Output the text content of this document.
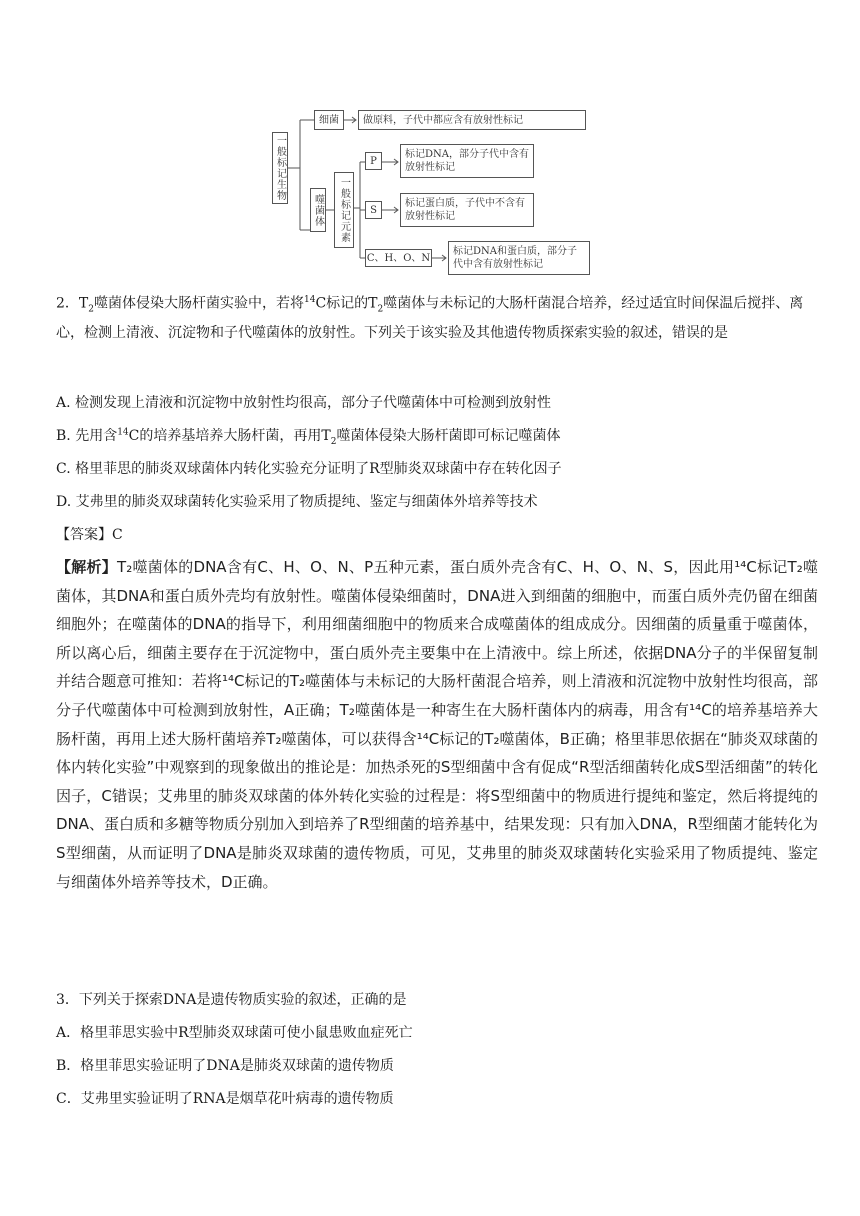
一般标记生物
细菌	做原料，子代中都应含有放射性标记
噬菌体	一般标记元素
P
标记DNA，部分子代中含有放射性标记
S
标记蛋白质，子代中不含有放射性标记
C、H、O、N
标记DNA和蛋白质，部分子代中含有放射性标记
2．$T_2$噬菌体侵染大肠杆菌实验中，若将$^{14}$C标记的$T_2$噬菌体与未标记的大肠杆菌混合培养，经过适宜时间保温后搅拌、离心，检测上清液、沉淀物和子代噬菌体的放射性。下列关于该实验及其他遗传物质探索实验的叙述，错误的是
A. 检测发现上清液和沉淀物中放射性均很高，部分子代噬菌体中可检测到放射性
B. 先用含$^{14}$C的培养基培养大肠杆菌，再用$T_2$噬菌体侵染大肠杆菌即可标记噬菌体
C. 格里菲思的肺炎双球菌体内转化实验充分证明了R型肺炎双球菌中存在转化因子
D. 艾弗里的肺炎双球菌转化实验采用了物质提纯、鉴定与细菌体外培养等技术
【答案】C
【解析】T₂噬菌体的DNA含有C、H、O、N、P五种元素，蛋白质外壳含有C、H、O、N、S，因此用¹⁴C标记T₂噬菌体，其DNA和蛋白质外壳均有放射性。噬菌体侵染细菌时，DNA进入到细菌的细胞中，而蛋白质外壳仍留在细菌细胞外；在噬菌体的DNA的指导下，利用细菌细胞中的物质来合成噬菌体的组成成分。因细菌的质量重于噬菌体，所以离心后，细菌主要存在于沉淀物中，蛋白质外壳主要集中在上清液中。综上所述，依据DNA分子的半保留复制并结合题意可推知：若将¹⁴C标记的T₂噬菌体与未标记的大肠杆菌混合培养，则上清液和沉淀物中放射性均很高，部分子代噬菌体中可检测到放射性，A正确；T₂噬菌体是一种寄生在大肠杆菌体内的病毒，用含有¹⁴C的培养基培养大肠杆菌，再用上述大肠杆菌培养T₂噬菌体，可以获得含¹⁴C标记的T₂噬菌体，B正确；格里菲思依据在“肺炎双球菌的体内转化实验”中观察到的现象做出的推论是：加热杀死的S型细菌中含有促成“R型活细菌转化成S型活细菌”的转化因子，C错误；艾弗里的肺炎双球菌的体外转化实验的过程是：将S型细菌中的物质进行提纯和鉴定，然后将提纯的DNA、蛋白质和多糖等物质分别加入到培养了R型细菌的培养基中，结果发现：只有加入DNA，R型细菌才能转化为S型细菌，从而证明了DNA是肺炎双球菌的遗传物质，可见，艾弗里的肺炎双球菌转化实验采用了物质提纯、鉴定与细菌体外培养等技术，D正确。
3．下列关于探索DNA是遗传物质实验的叙述，正确的是
A．格里菲思实验中R型肺炎双球菌可使小鼠患败血症死亡
B．格里菲思实验证明了DNA是肺炎双球菌的遗传物质
C．艾弗里实验证明了RNA是烟草花叶病毒的遗传物质
